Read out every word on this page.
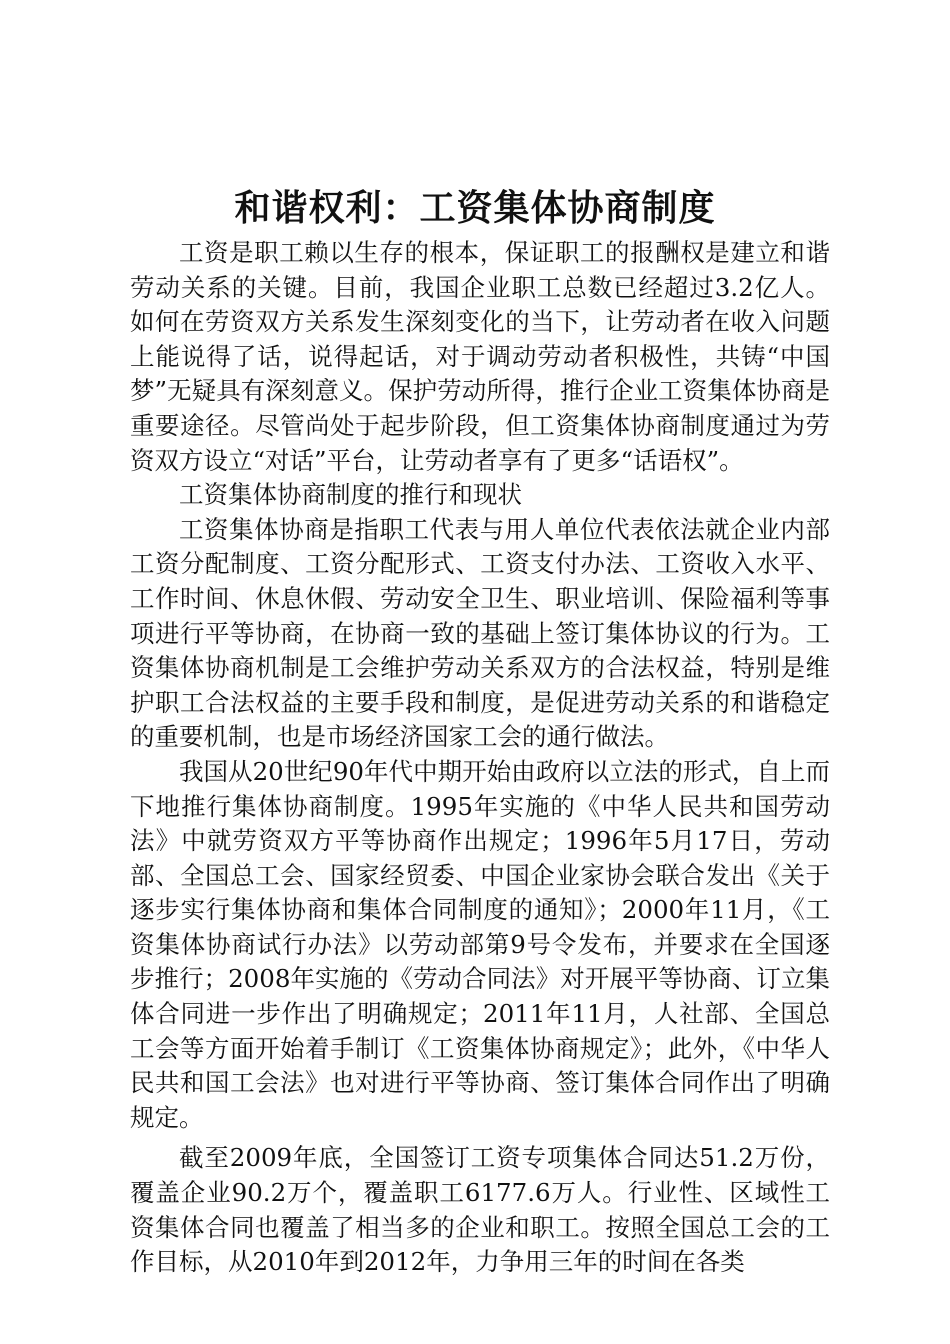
和谐权利：工资集体协商制度

工资是职工赖以生存的根本，保证职工的报酬权是建立和谐劳动关系的关键。目前，我国企业职工总数已经超过3.2亿人。如何在劳资双方关系发生深刻变化的当下，让劳动者在收入问题上能说得了话，说得起话，对于调动劳动者积极性，共铸“中国梦”无疑具有深刻意义。保护劳动所得，推行企业工资集体协商是重要途径。尽管尚处于起步阶段，但工资集体协商制度通过为劳资双方设立“对话”平台，让劳动者享有了更多“话语权”。

工资集体协商制度的推行和现状

工资集体协商是指职工代表与用人单位代表依法就企业内部工资分配制度、工资分配形式、工资支付办法、工资收入水平、工作时间、休息休假、劳动安全卫生、职业培训、保险福利等事项进行平等协商，在协商一致的基础上签订集体协议的行为。工资集体协商机制是工会维护劳动关系双方的合法权益，特别是维护职工合法权益的主要手段和制度，是促进劳动关系的和谐稳定的重要机制，也是市场经济国家工会的通行做法。

我国从20世纪90年代中期开始由政府以立法的形式，自上而下地推行集体协商制度。1995年实施的《中华人民共和国劳动法》中就劳资双方平等协商作出规定；1996年5月17日，劳动部、全国总工会、国家经贸委、中国企业家协会联合发出《关于逐步实行集体协商和集体合同制度的通知》；2000年11月，《工资集体协商试行办法》以劳动部第9号令发布，并要求在全国逐步推行；2008年实施的《劳动合同法》对开展平等协商、订立集体合同进一步作出了明确规定；2011年11月，人社部、全国总工会等方面开始着手制订《工资集体协商规定》；此外，《中华人民共和国工会法》也对进行平等协商、签订集体合同作出了明确规定。

截至2009年底，全国签订工资专项集体合同达51.2万份，覆盖企业90.2万个，覆盖职工6177.6万人。行业性、区域性工资集体合同也覆盖了相当多的企业和职工。按照全国总工会的工作目标，从2010年到2012年，力争用三年的时间在各类
